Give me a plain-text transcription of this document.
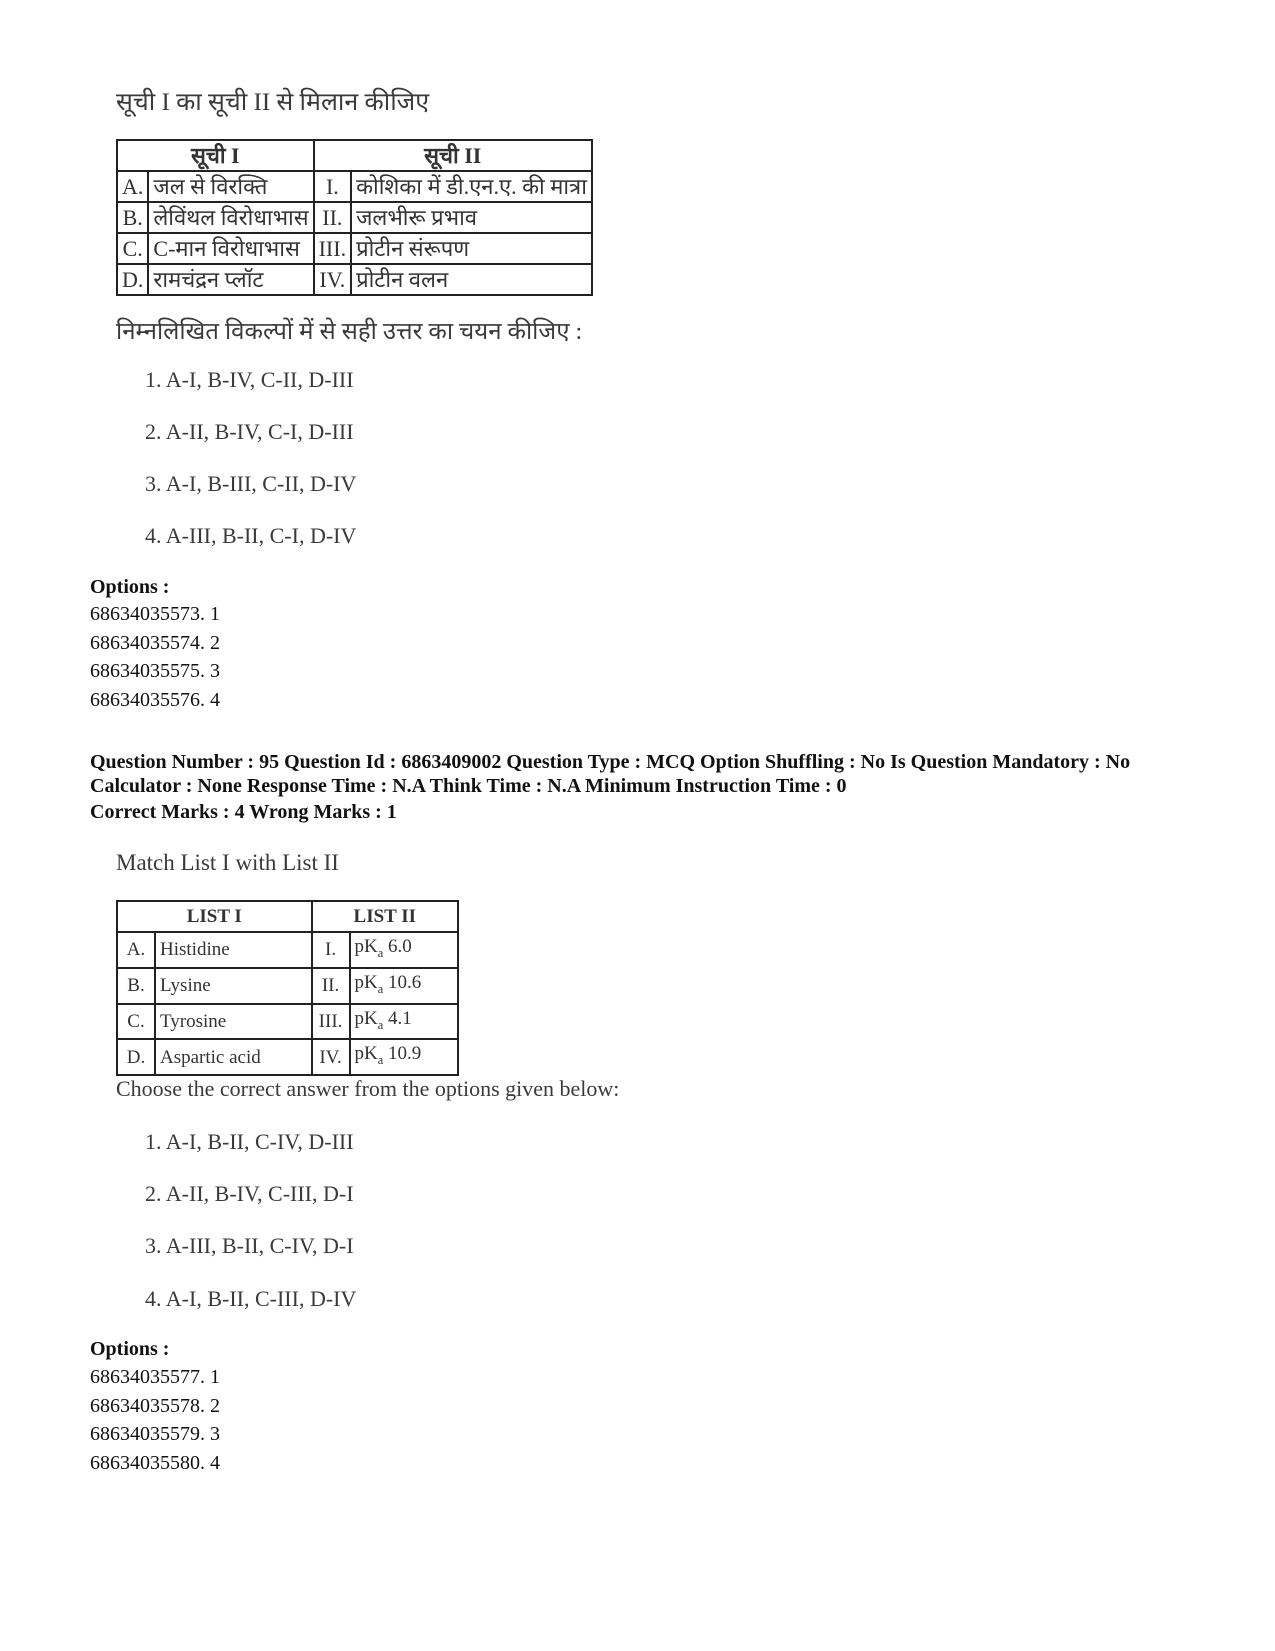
सूची I का सूची II से मिलान कीजिए
सूची I		सूची II	
A.	जल से विरक्ति	I.	कोशिका में डी.एन.ए. की मात्रा
B.	लेविंथल विरोधाभास	II.	जलभीरू प्रभाव
C.	C-मान विरोधाभास	III.	प्रोटीन संरूपण
D.	रामचंद्रन प्लॉट	IV.	प्रोटीन वलन
निम्नलिखित विकल्पों में से सही उत्तर का चयन कीजिए :
1. A-I, B-IV, C-II, D-III
2. A-II, B-IV, C-I, D-III
3. A-I, B-III, C-II, D-IV
4. A-III, B-II, C-I, D-IV
Options :
68634035573. 1
68634035574. 2
68634035575. 3
68634035576. 4
Question Number : 95 Question Id : 6863409002 Question Type : MCQ Option Shuffling : No Is Question Mandatory : No Calculator : None Response Time : N.A Think Time : N.A Minimum Instruction Time : 0
Correct Marks : 4 Wrong Marks : 1
Match List I with List II
LIST I		LIST II	
A.	Histidine	I.	$pK_a$ 6.0
B.	Lysine	II.	$pK_a$ 10.6
C.	Tyrosine	III.	$pK_a$ 4.1
D.	Aspartic acid	IV.	$pK_a$ 10.9
Choose the correct answer from the options given below:
1. A-I, B-II, C-IV, D-III
2. A-II, B-IV, C-III, D-I
3. A-III, B-II, C-IV, D-I
4. A-I, B-II, C-III, D-IV
Options :
68634035577. 1
68634035578. 2
68634035579. 3
68634035580. 4
